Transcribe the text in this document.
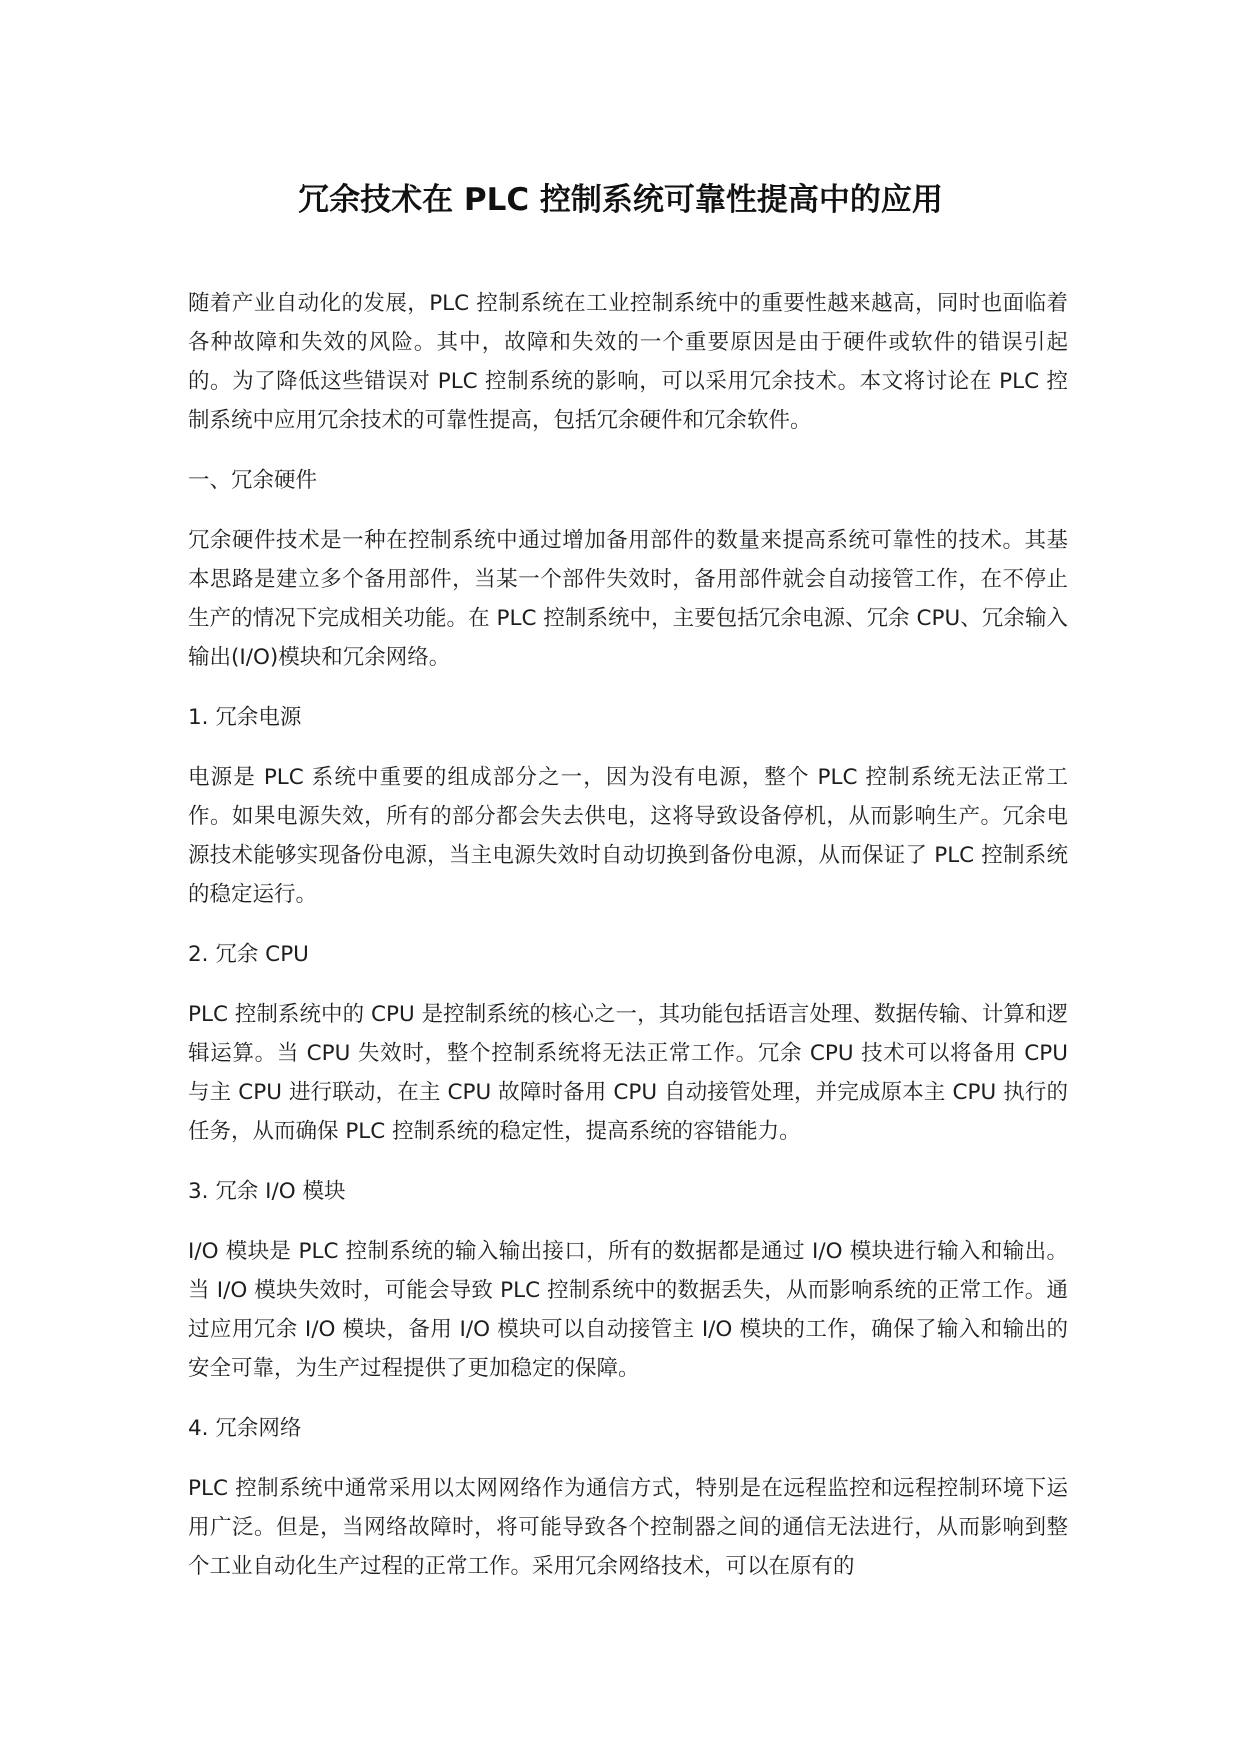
冗余技术在 PLC 控制系统可靠性提高中的应用

随着产业自动化的发展，PLC 控制系统在工业控制系统中的重要性越来越高，同时也面临着各种故障和失效的风险。其中，故障和失效的一个重要原因是由于硬件或软件的错误引起的。为了降低这些错误对 PLC 控制系统的影响，可以采用冗余技术。本文将讨论在 PLC 控制系统中应用冗余技术的可靠性提高，包括冗余硬件和冗余软件。

一、冗余硬件

冗余硬件技术是一种在控制系统中通过增加备用部件的数量来提高系统可靠性的技术。其基本思路是建立多个备用部件，当某一个部件失效时，备用部件就会自动接管工作，在不停止生产的情况下完成相关功能。在 PLC 控制系统中，主要包括冗余电源、冗余 CPU、冗余输入输出(I/O)模块和冗余网络。

1. 冗余电源

电源是 PLC 系统中重要的组成部分之一，因为没有电源，整个 PLC 控制系统无法正常工作。如果电源失效，所有的部分都会失去供电，这将导致设备停机，从而影响生产。冗余电源技术能够实现备份电源，当主电源失效时自动切换到备份电源，从而保证了 PLC 控制系统的稳定运行。

2. 冗余 CPU

PLC 控制系统中的 CPU 是控制系统的核心之一，其功能包括语言处理、数据传输、计算和逻辑运算。当 CPU 失效时，整个控制系统将无法正常工作。冗余 CPU 技术可以将备用 CPU 与主 CPU 进行联动，在主 CPU 故障时备用 CPU 自动接管处理，并完成原本主 CPU 执行的任务，从而确保 PLC 控制系统的稳定性，提高系统的容错能力。

3. 冗余 I/O 模块

I/O 模块是 PLC 控制系统的输入输出接口，所有的数据都是通过 I/O 模块进行输入和输出。当 I/O 模块失效时，可能会导致 PLC 控制系统中的数据丢失，从而影响系统的正常工作。通过应用冗余 I/O 模块，备用 I/O 模块可以自动接管主 I/O 模块的工作，确保了输入和输出的安全可靠，为生产过程提供了更加稳定的保障。

4. 冗余网络

PLC 控制系统中通常采用以太网网络作为通信方式，特别是在远程监控和远程控制环境下运用广泛。但是，当网络故障时，将可能导致各个控制器之间的通信无法进行，从而影响到整个工业自动化生产过程的正常工作。采用冗余网络技术，可以在原有的
